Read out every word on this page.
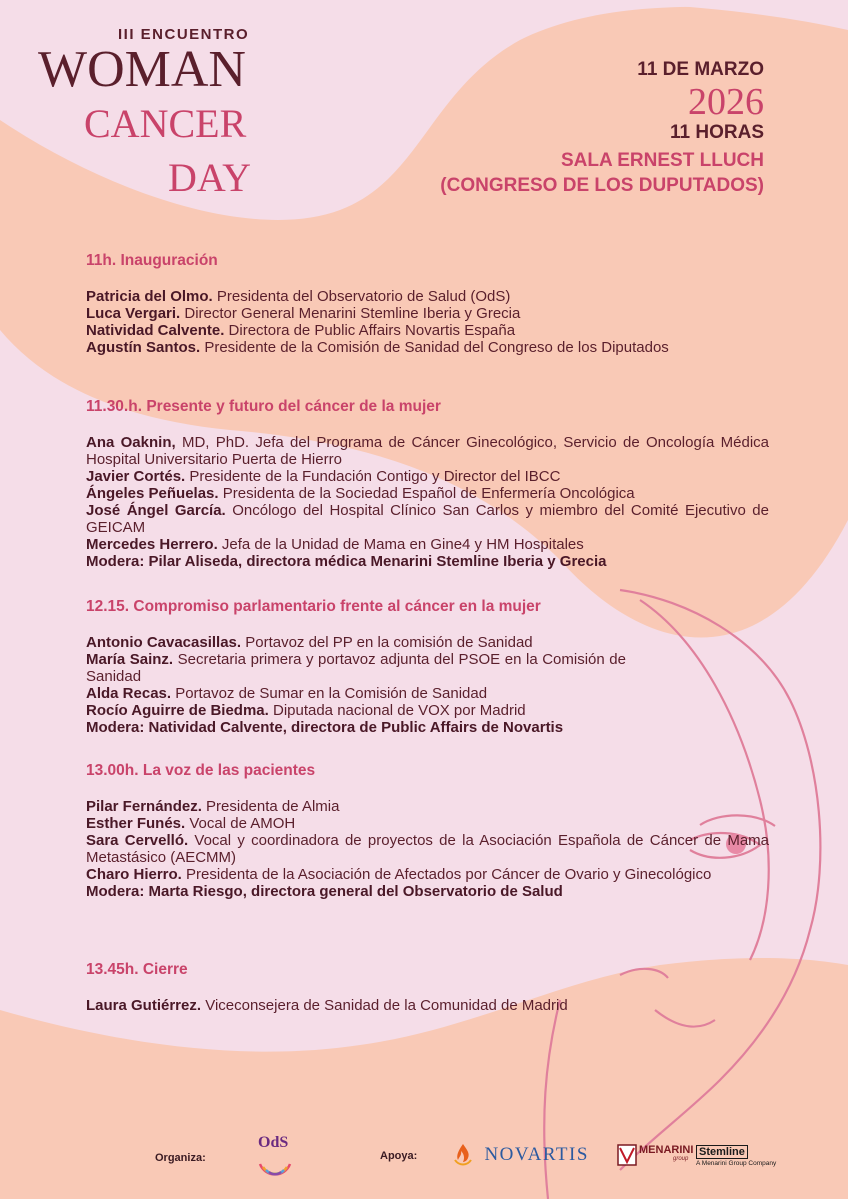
III ENCUENTRO
WOMAN
CANCER
DAY
11 DE MARZO
2026
11 HORAS
SALA ERNEST LLUCH
(CONGRESO DE LOS DUPUTADOS)

11h. Inauguración

Patricia del Olmo. Presidenta del Observatorio de Salud (OdS)

Luca Vergari. Director General Menarini Stemline Iberia y Grecia

Natividad Calvente. Directora de Public Affairs Novartis España

Agustín Santos. Presidente de la Comisión de Sanidad del Congreso de los Diputados

11.30.h. Presente y futuro del cáncer de la mujer

Ana Oaknin, MD, PhD. Jefa del Programa de Cáncer Ginecológico, Servicio de Oncología Médica Hospital Universitario Puerta de Hierro

Javier Cortés. Presidente de la Fundación Contigo y Director del IBCC

Ángeles Peñuelas. Presidenta de la Sociedad Español de Enfermería Oncológica

José Ángel García. Oncólogo del Hospital Clínico San Carlos y miembro del Comité Ejecutivo de GEICAM

Mercedes Herrero. Jefa de la Unidad de Mama en Gine4 y HM Hospitales

Modera: Pilar Aliseda, directora médica Menarini Stemline Iberia y Grecia

12.15. Compromiso parlamentario frente al cáncer en la mujer

Antonio Cavacasillas. Portavoz del PP en la comisión de Sanidad

María Sainz. Secretaria primera y portavoz adjunta del PSOE en la Comisión de Sanidad

Alda Recas. Portavoz de Sumar en la Comisión de Sanidad

Rocío Aguirre de Biedma. Diputada nacional de VOX por Madrid

Modera: Natividad Calvente, directora de Public Affairs de Novartis

13.00h. La voz de las pacientes

Pilar Fernández. Presidenta de Almia

Esther Funés. Vocal de AMOH

Sara Cervelló. Vocal y coordinadora de proyectos de la Asociación Española de Cáncer de Mama Metastásico (AECMM)

Charo Hierro. Presidenta de la Asociación de Afectados por Cáncer de Ovario y Ginecológico

Modera: Marta Riesgo, directora general del Observatorio de Salud

13.45h. Cierre

Laura Gutiérrez. Viceconsejera de Sanidad de la Comunidad de Madrid

Organiza:
OdS
Apoya:	NOVARTIS	MENARINI
group
Stemline
A Menarini Group Company
